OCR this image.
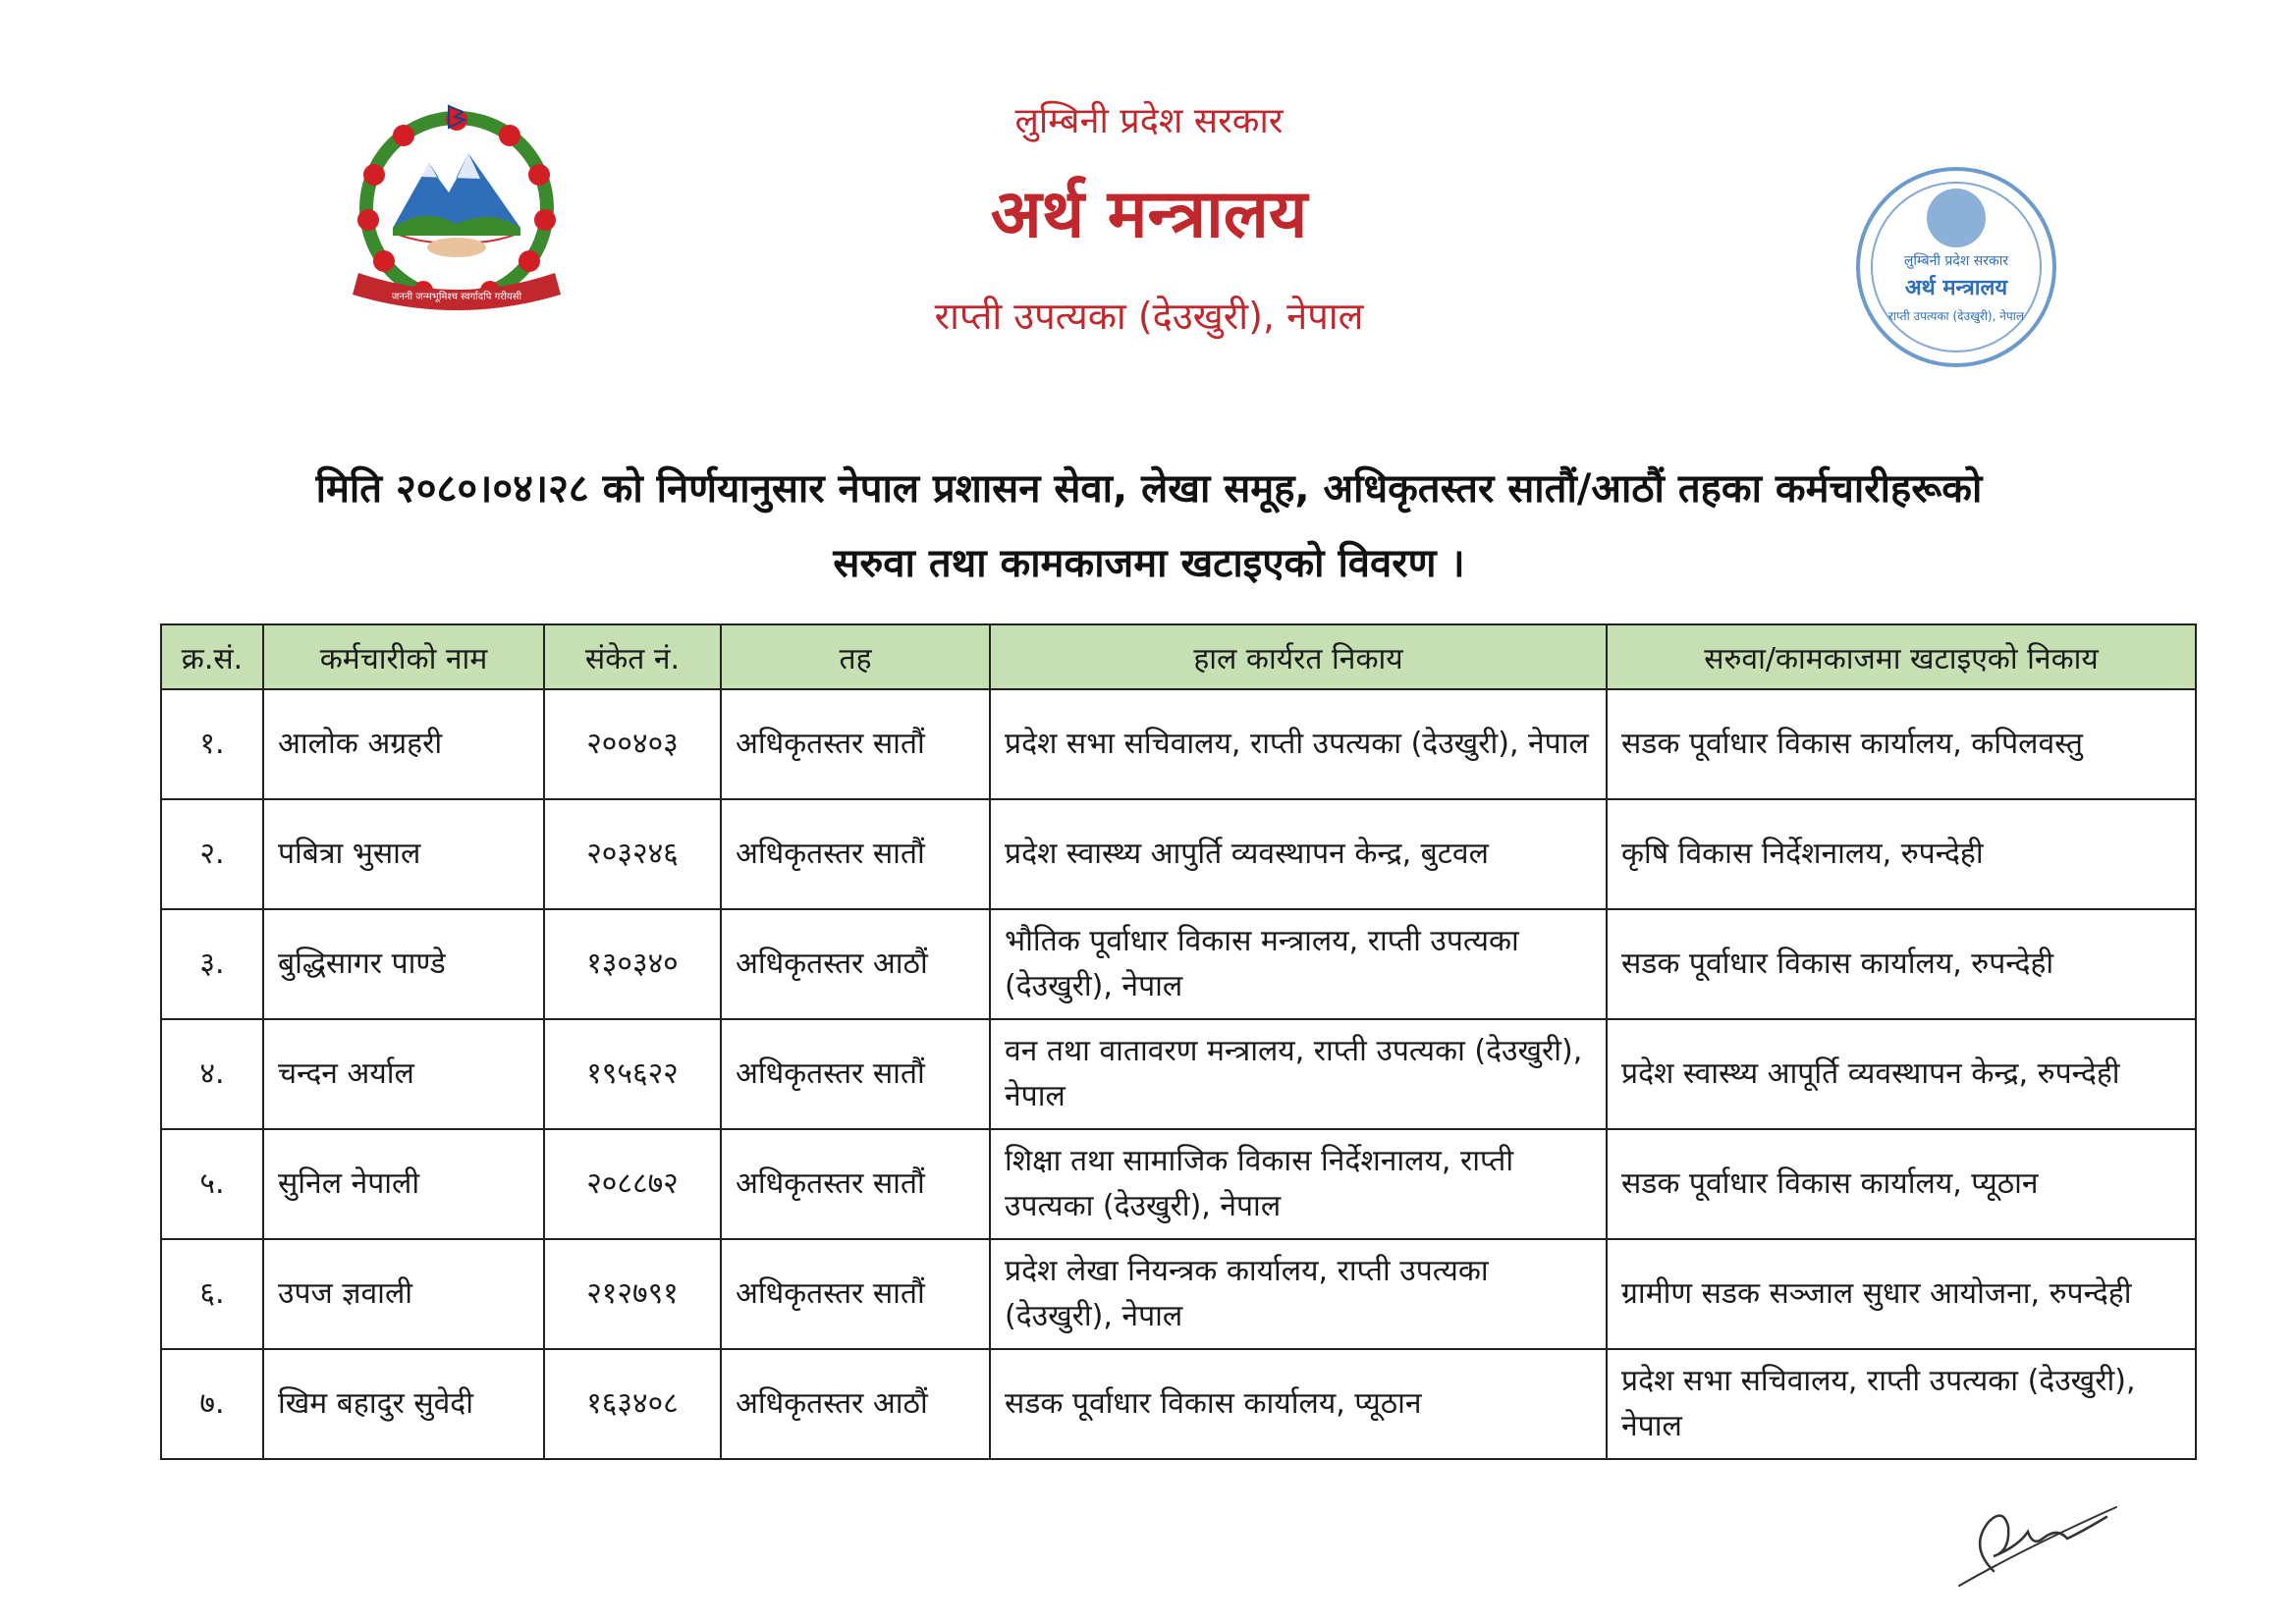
जननी जन्मभूमिश्च स्वर्गादपि गरीयसी
लुम्बिनी प्रदेश सरकार
अर्थ मन्त्रालय
राप्ती उपत्यका (देउखुरी), नेपाल
लुम्बिनी प्रदेश सरकार
अर्थ मन्त्रालय
राप्ती उपत्यका (देउखुरी), नेपाल
मिति २०८०।०४।२८ को निर्णयानुसार नेपाल प्रशासन सेवा, लेखा समूह, अधिकृतस्तर सातौं/आठौं तहका कर्मचारीहरूको
सरुवा तथा कामकाजमा खटाइएको विवरण ।
क्र.सं.	कर्मचारीको नाम	संकेत नं.	तह	हाल कार्यरत निकाय	सरुवा/कामकाजमा खटाइएको निकाय
१.	आलोक अग्रहरी	२००४०३	अधिकृतस्तर सातौं	प्रदेश सभा सचिवालय, राप्ती उपत्यका (देउखुरी), नेपाल	सडक पूर्वाधार विकास कार्यालय, कपिलवस्तु
२.	पबित्रा भुसाल	२०३२४६	अधिकृतस्तर सातौं	प्रदेश स्वास्थ्य आपुर्ति व्यवस्थापन केन्द्र, बुटवल	कृषि विकास निर्देशनालय, रुपन्देही
३.	बुद्धिसागर पाण्डे	१३०३४०	अधिकृतस्तर आठौं	भौतिक पूर्वाधार विकास मन्त्रालय, राप्ती उपत्यका (देउखुरी), नेपाल	सडक पूर्वाधार विकास कार्यालय, रुपन्देही
४.	चन्दन अर्याल	१९५६२२	अधिकृतस्तर सातौं	वन तथा वातावरण मन्त्रालय, राप्ती उपत्यका (देउखुरी), नेपाल	प्रदेश स्वास्थ्य आपूर्ति व्यवस्थापन केन्द्र, रुपन्देही
५.	सुनिल नेपाली	२०८८७२	अधिकृतस्तर सातौं	शिक्षा तथा सामाजिक विकास निर्देशनालय, राप्ती उपत्यका (देउखुरी), नेपाल	सडक पूर्वाधार विकास कार्यालय, प्यूठान
६.	उपज ज्ञवाली	२१२७९१	अधिकृतस्तर सातौं	प्रदेश लेखा नियन्त्रक कार्यालय, राप्ती उपत्यका (देउखुरी), नेपाल	ग्रामीण सडक सञ्जाल सुधार आयोजना, रुपन्देही
७.	खिम बहादुर सुवेदी	१६३४०८	अधिकृतस्तर आठौं	सडक पूर्वाधार विकास कार्यालय, प्यूठान	प्रदेश सभा सचिवालय, राप्ती उपत्यका (देउखुरी), नेपाल
